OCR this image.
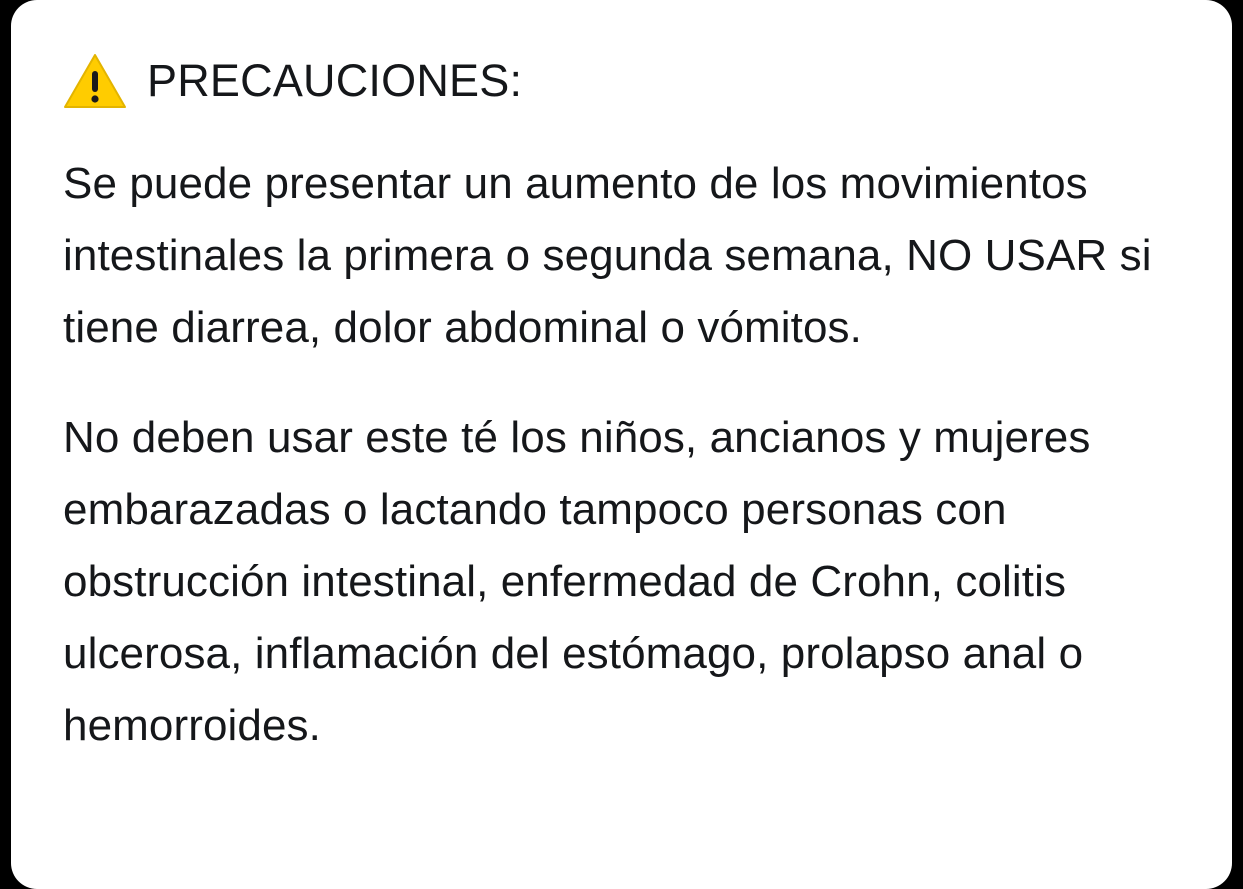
PRECAUCIONES:

Se puede presentar un aumento de los movimientos intestinales la primera o segunda semana, NO USAR si tiene diarrea, dolor abdominal o vómitos.

No deben usar este té los niños, ancianos y mujeres embarazadas o lactando tampoco personas con obstrucción intestinal, enfermedad de Crohn, colitis ulcerosa, inflamación del estómago, prolapso anal o hemorroides.
